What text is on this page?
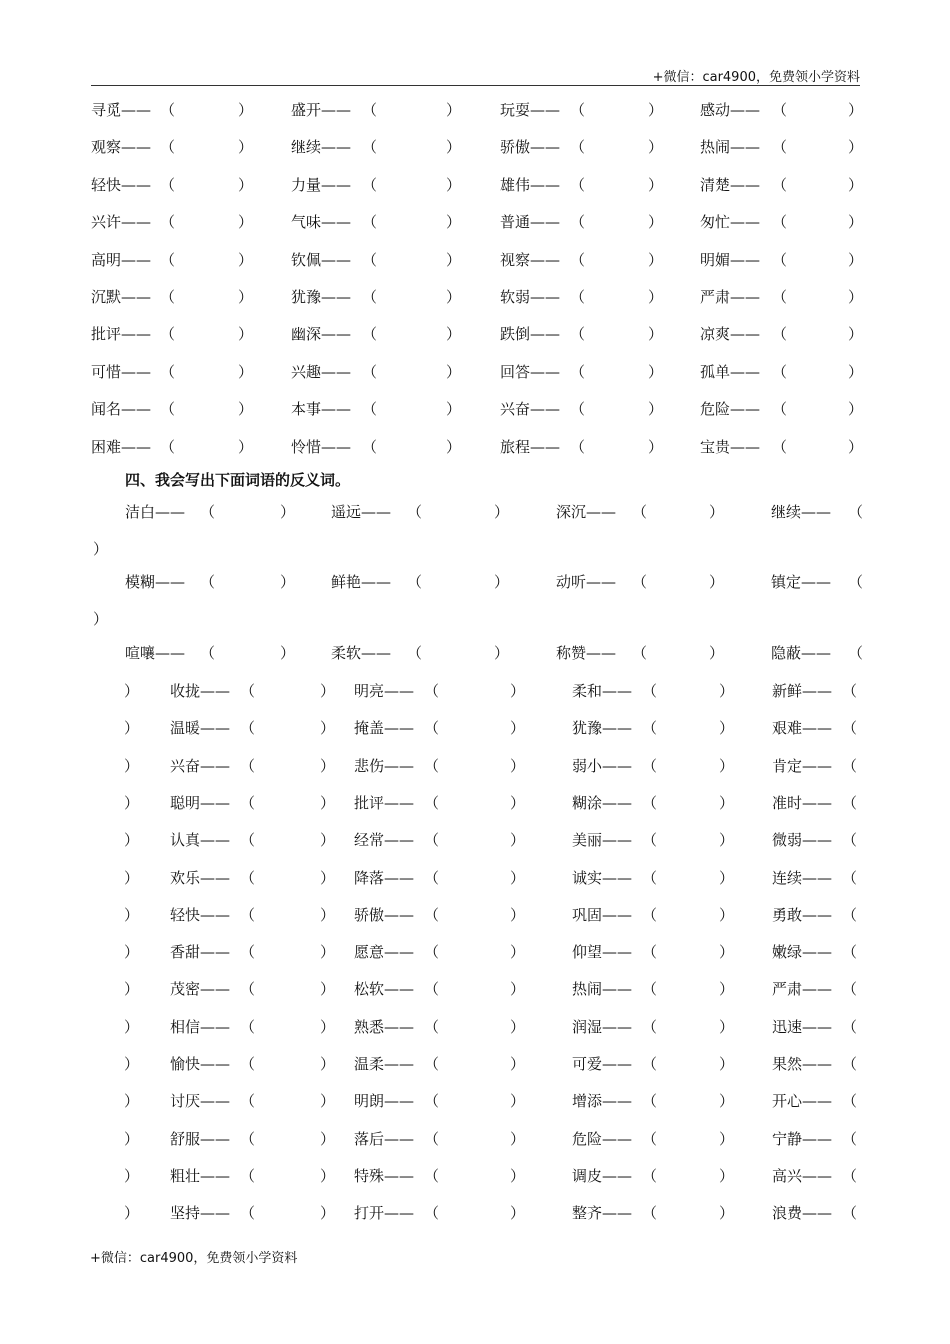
+微信：car4900，免费领小学资料
寻觅—— （	）	盛开—— （	）	玩耍—— （	） 感动—— （	）
观察—— （	）	继续—— （	）	骄傲—— （	） 热闹—— （	）
轻快—— （	）	力量—— （	）	雄伟—— （	） 清楚—— （	）
兴许—— （	）	气味—— （	）	普通—— （	） 匆忙—— （	）
高明—— （	）	钦佩—— （	）	视察—— （	） 明媚—— （	）
沉默—— （	）	犹豫—— （	）	软弱—— （	） 严肃—— （	）
批评—— （	）	幽深—— （	）	跌倒—— （	） 凉爽—— （	）
可惜—— （	）	兴趣—— （	）	回答—— （	） 孤单—— （	）
闻名—— （	）	本事—— （	）	兴奋—— （	） 危险—— （	）
困难—— （	）	怜惜—— （	）	旅程—— （	） 宝贵—— （	）
四、我会写出下面词语的反义词。
洁白—— （	） 遥远—— （	）	深沉—— （	）	继续—— （
）
模糊—— （	） 鲜艳—— （	）	动听—— （	）	镇定—— （
）
喧嚷—— （	） 柔软—— （	）	称赞—— （	）	隐蔽—— （
） 收拢—— （	） 明亮—— （	）	柔和—— （	）	新鲜—— （
） 温暖—— （	） 掩盖—— （	）	犹豫—— （	）	艰难—— （
） 兴奋—— （	） 悲伤—— （	）	弱小—— （	）	肯定—— （
） 聪明—— （	） 批评—— （	）	糊涂—— （	）	准时—— （
） 认真—— （	） 经常—— （	）	美丽—— （	）	微弱—— （
） 欢乐—— （	） 降落—— （	）	诚实—— （	）	连续—— （
） 轻快—— （	） 骄傲—— （	）	巩固—— （	）	勇敢—— （
） 香甜—— （	） 愿意—— （	）	仰望—— （	）	嫩绿—— （
） 茂密—— （	） 松软—— （	）	热闹—— （	）	严肃—— （
） 相信—— （	） 熟悉—— （	）	润湿—— （	）	迅速—— （
） 愉快—— （	） 温柔—— （	）	可爱—— （	）	果然—— （
） 讨厌—— （	） 明朗—— （	）	增添—— （	）	开心—— （
） 舒服—— （	） 落后—— （	）	危险—— （	）	宁静—— （
） 粗壮—— （	） 特殊—— （	）	调皮—— （	）	高兴—— （
） 坚持—— （	） 打开—— （	）	整齐—— （	）	浪费—— （
+微信：car4900，免费领小学资料
